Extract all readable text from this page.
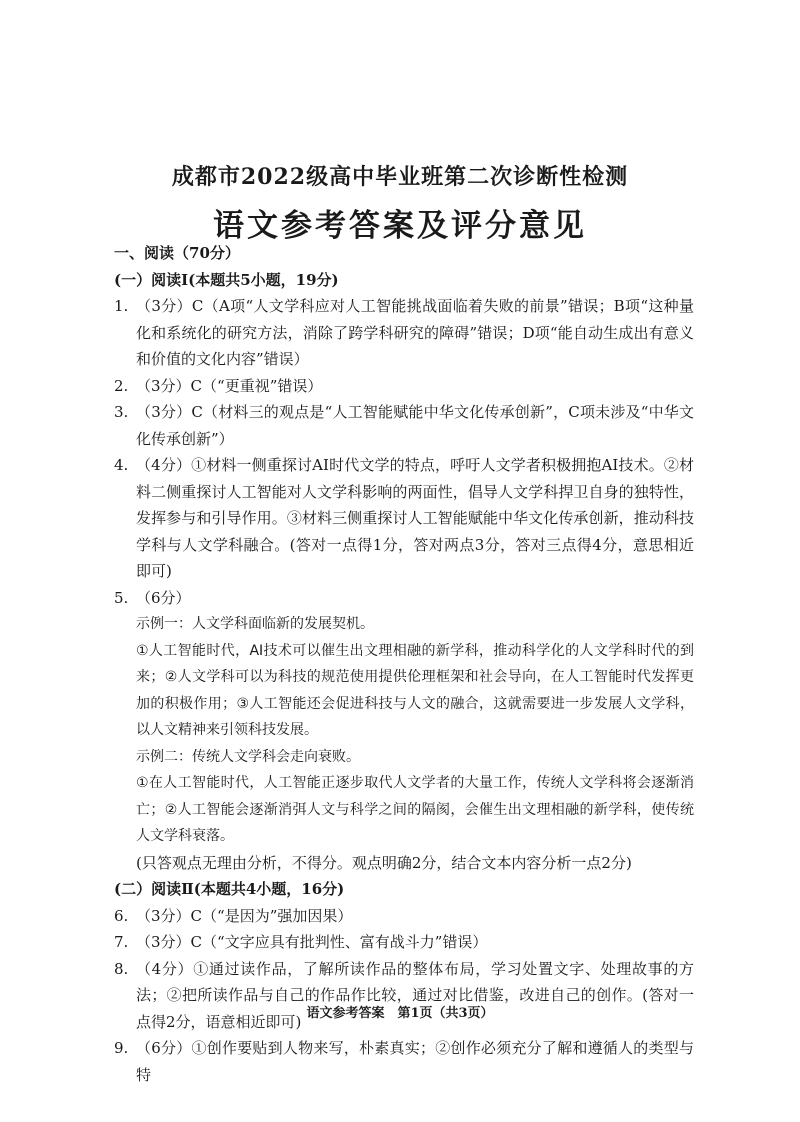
成都市2022级高中毕业班第二次诊断性检测
语文参考答案及评分意见

一、阅读（70分）

(一）阅读Ⅰ(本题共5小题，19分)

1. （3分）C（A项“人文学科应对人工智能挑战面临着失败的前景”错误；B项“这种量化和系统化的研究方法，消除了跨学科研究的障碍”错误；D项“能自动生成出有意义和价值的文化内容”错误）
2. （3分）C（“更重视”错误）
3. （3分）C（材料三的观点是“人工智能赋能中华文化传承创新”，C项未涉及“中华文化传承创新”）
4. （4分）①材料一侧重探讨AI时代文学的特点，呼吁人文学者积极拥抱AI技术。②材料二侧重探讨人工智能对人文学科影响的两面性，倡导人文学科捍卫自身的独特性，发挥参与和引导作用。③材料三侧重探讨人工智能赋能中华文化传承创新，推动科技学科与人文学科融合。(答对一点得1分，答对两点3分，答对三点得4分，意思相近即可)
5. （6分）

示例一：人文学科面临新的发展契机。

①人工智能时代，AI技术可以催生出文理相融的新学科，推动科学化的人文学科时代的到来；②人文学科可以为科技的规范使用提供伦理框架和社会导向，在人工智能时代发挥更加的积极作用；③人工智能还会促进科技与人文的融合，这就需要进一步发展人文学科，以人文精神来引领科技发展。

示例二：传统人文学科会走向衰败。

①在人工智能时代，人工智能正逐步取代人文学者的大量工作，传统人文学科将会逐渐消亡；②人工智能会逐渐消弭人文与科学之间的隔阂，会催生出文理相融的新学科，使传统人文学科衰落。

(只答观点无理由分析，不得分。观点明确2分，结合文本内容分析一点2分)

(二）阅读Ⅱ(本题共4小题，16分)

6. （3分）C（“是因为”强加因果）
7. （3分）C（“文字应具有批判性、富有战斗力”错误）
8. （4分）①通过读作品，了解所读作品的整体布局，学习处置文字、处理故事的方法；②把所读作品与自己的作品作比较，通过对比借鉴，改进自己的创作。(答对一点得2分，语意相近即可)
9. （6分）①创作要贴到人物来写，朴素真实；②创作必须充分了解和遵循人的类型与特
语文参考答案　第1页（共3页）
